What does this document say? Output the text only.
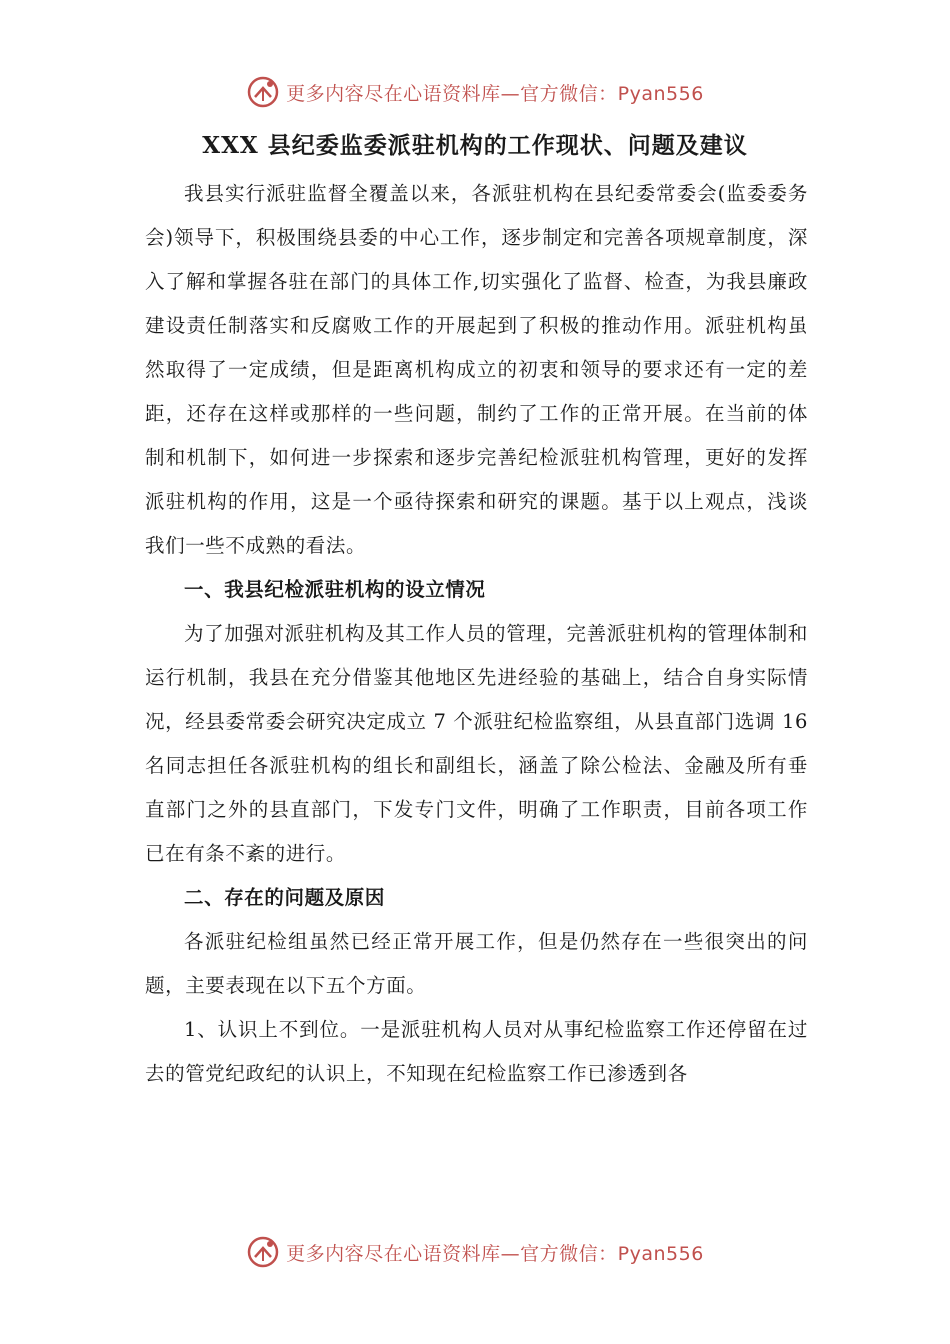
更多内容尽在心语资料库—官方微信：Pyan556
XXX 县纪委监委派驻机构的工作现状、问题及建议

我县实行派驻监督全覆盖以来，各派驻机构在县纪委常委会(监委委务会)领导下，积极围绕县委的中心工作，逐步制定和完善各项规章制度，深入了解和掌握各驻在部门的具体工作,切实强化了监督、检查，为我县廉政建设责任制落实和反腐败工作的开展起到了积极的推动作用。派驻机构虽然取得了一定成绩，但是距离机构成立的初衷和领导的要求还有一定的差距，还存在这样或那样的一些问题，制约了工作的正常开展。在当前的体制和机制下，如何进一步探索和逐步完善纪检派驻机构管理，更好的发挥派驻机构的作用，这是一个亟待探索和研究的课题。基于以上观点，浅谈我们一些不成熟的看法。

一、我县纪检派驻机构的设立情况

为了加强对派驻机构及其工作人员的管理，完善派驻机构的管理体制和运行机制，我县在充分借鉴其他地区先进经验的基础上，结合自身实际情况，经县委常委会研究决定成立 7 个派驻纪检监察组，从县直部门选调 16 名同志担任各派驻机构的组长和副组长，涵盖了除公检法、金融及所有垂直部门之外的县直部门，下发专门文件，明确了工作职责，目前各项工作已在有条不紊的进行。

二、存在的问题及原因

各派驻纪检组虽然已经正常开展工作，但是仍然存在一些很突出的问题，主要表现在以下五个方面。

1、认识上不到位。一是派驻机构人员对从事纪检监察工作还停留在过去的管党纪政纪的认识上，不知现在纪检监察工作已渗透到各

更多内容尽在心语资料库—官方微信：Pyan556
